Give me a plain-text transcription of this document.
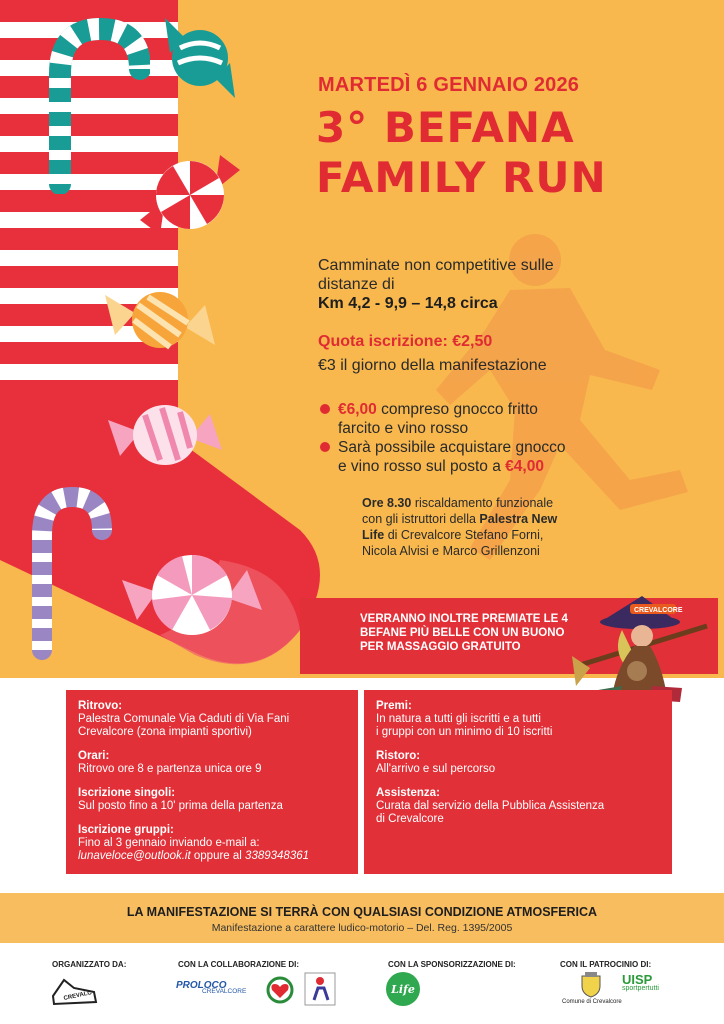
MARTEDÌ 6 GENNAIO 2026
3° BEFANA
FAMILY RUN
Camminate non competitive sulle
distanze di
Km 4,2 - 9,9 – 14,8 circa
Quota iscrizione: €2,50
€3 il giorno della manifestazione
€6,00 compreso gnocco fritto
farcito e vino rosso
Sarà possibile acquistare gnocco
e vino rosso sul posto a €4,00
Ore 8.30 riscaldamento funzionale
con gli istruttori della Palestra New
Life di Crevalcore Stefano Forni,
Nicola Alvisi e Marco Grillenzoni
VERRANNO INOLTRE PREMIATE LE 4
BEFANE PIÙ BELLE CON UN BUONO
PER MASSAGGIO GRATUITO
CREVALCORE

Ritrovo:

Palestra Comunale Via Caduti di Via Fani
Crevalcore (zona impianti sportivi)

Orari:

Ritrovo ore 8 e partenza unica ore 9

Iscrizione singoli:

Sul posto fino a 10' prima della partenza

Iscrizione gruppi:

Fino al 3 gennaio inviando e-mail a:
lunaveloce@outlook.it oppure al 3389348361

Premi:

In natura a tutti gli iscritti e a tutti
i gruppi con un minimo di 10 iscritti

Ristoro:

All'arrivo e sul percorso

Assistenza:

Curata dal servizio della Pubblica Assistenza
di Crevalcore

LA MANIFESTAZIONE SI TERRÀ CON QUALSIASI CONDIZIONE ATMOSFERICA
Manifestazione a carattere ludico-motorio – Del. Reg. 1395/2005
ORGANIZZATO DA:	CON LA COLLABORAZIONE DI:	CON LA SPONSORIZZAZIONE DI:	CON IL PATROCINIO DI:
CREVALC
PROLOCO
CREVALCORE	Life
Comune di Crevalcore
UISP
sportpertutti
